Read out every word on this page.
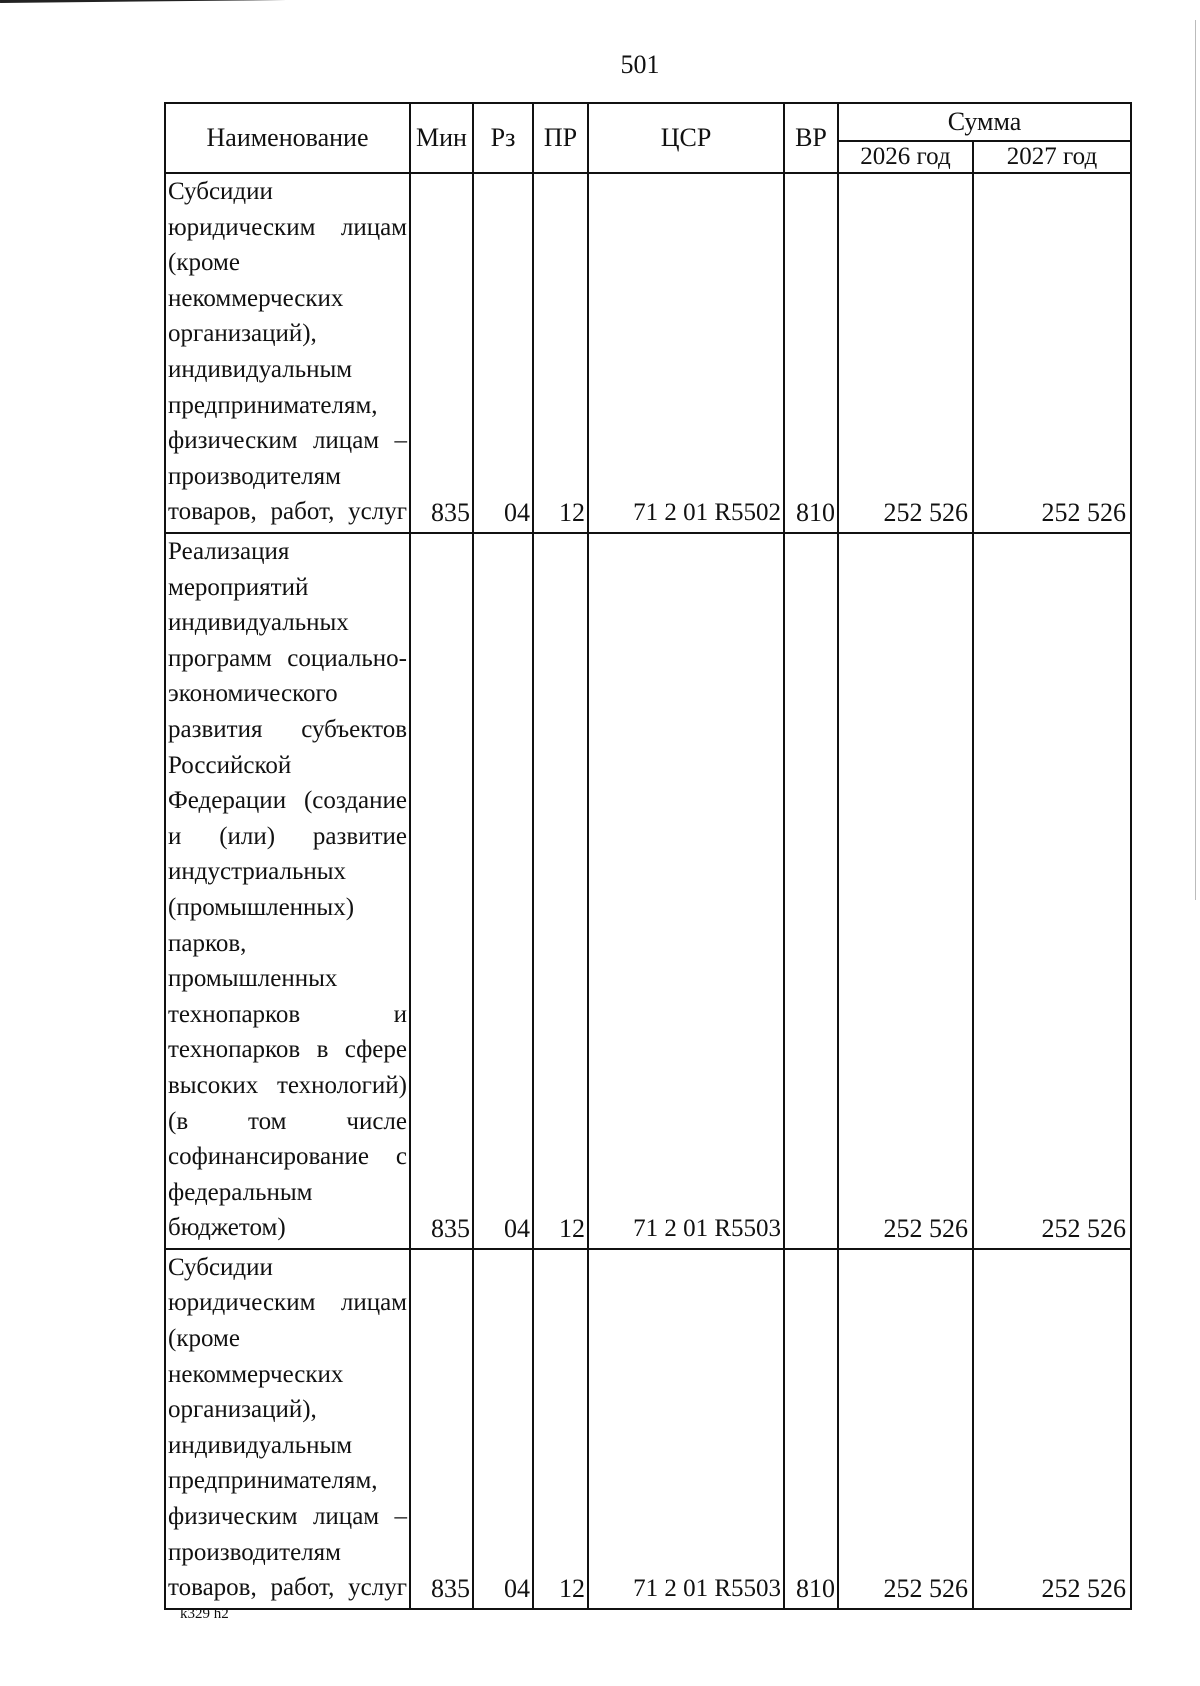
501
Наименование	Мин	Рз	ПР	ЦСР	ВР	Сумма	
						2026 год	2027 год
Субсидии юридическим лицам (кроме некоммерческих организаций), индивидуальным предпринимателям, физическим лицам – производителям товаров, работ, услуг	835	04	12	71 2 01 R5502	810	252 526	252 526
Реализация мероприятий индивидуальных программ социально-экономического развития субъектов Российской Федерации (создание и (или) развитие индустриальных (промышленных) парков, промышленных технопарков и технопарков в сфере высоких технологий) (в том числе софинансирование с федеральным бюджетом)	835	04	12	71 2 01 R5503		252 526	252 526
Субсидии юридическим лицам (кроме некоммерческих организаций), индивидуальным предпринимателям, физическим лицам – производителям товаров, работ, услуг	835	04	12	71 2 01 R5503	810	252 526	252 526
k329 h2
